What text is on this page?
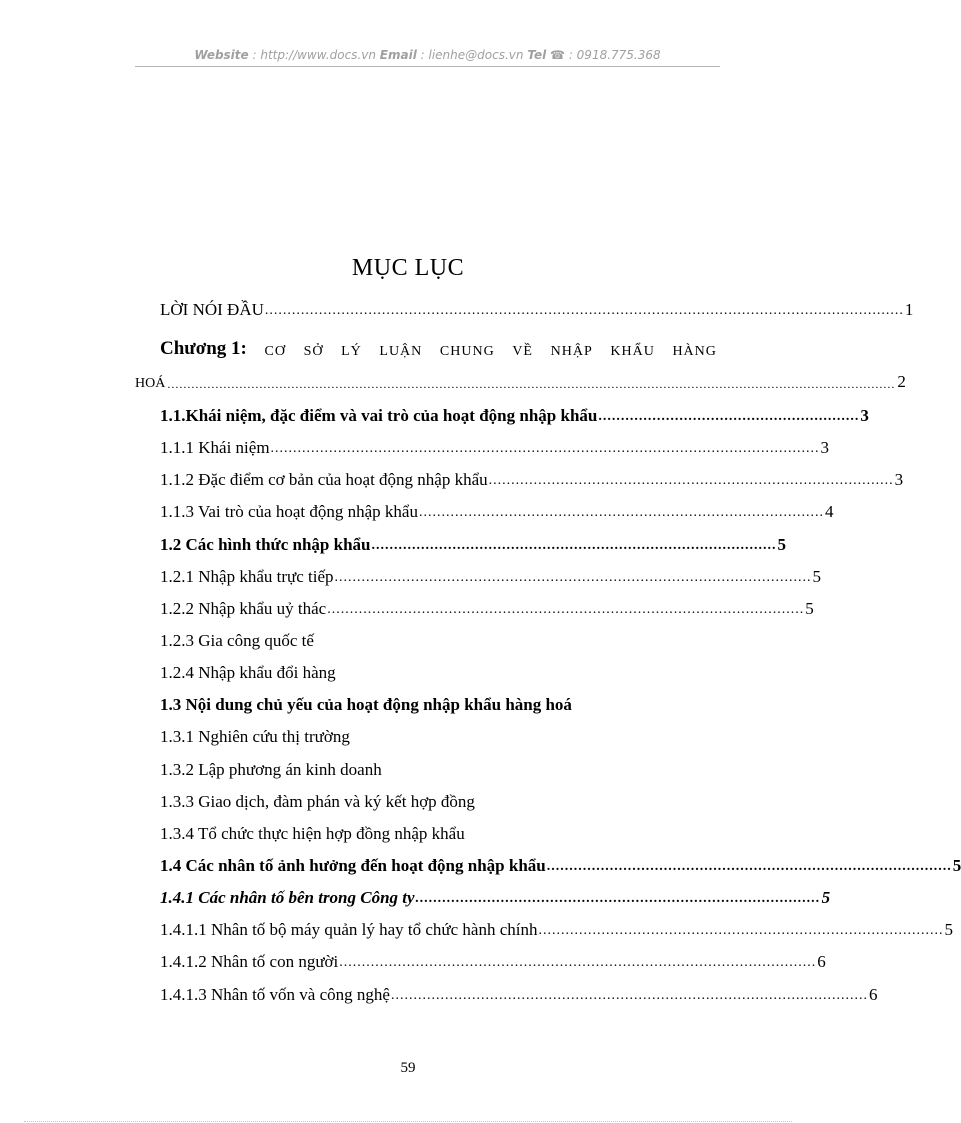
Website : http://www.docs.vn Email : lienhe@docs.vn Tel ☎ : 0918.775.368
MỤC LỤC
LỜI NÓI ĐẦU .............................................................................................................................................. 1
Chương 1: CƠ SỞ LÝ LUẬN CHUNG VỀ NHẬP KHẨU HÀNG
HOÁ ...................................................................................................................................................................................... 2
1.1.Khái niệm, đặc điểm và vai trò của hoạt động nhập khẩu .......................................................... 3
1.1.1 Khái niệm .......................................................................................................................... 3
1.1.2 Đặc điểm cơ bản của hoạt động nhập khẩu .......................................................................................... 3
1.1.3 Vai trò của hoạt động nhập khẩu .......................................................................................... 4
1.2 Các hình thức nhập khẩu .......................................................................................... 5
1.2.1 Nhập khẩu trực tiếp .......................................................................................................... 5
1.2.2 Nhập khẩu uỷ thác .......................................................................................................... 5
1.2.3 Gia công quốc tế
1.2.4 Nhập khẩu đổi hàng
1.3 Nội dung chủ yếu của hoạt động nhập khẩu hàng hoá
1.3.1 Nghiên cứu thị trường
1.3.2 Lập phương án kinh doanh
1.3.3 Giao dịch, đàm phán và ký kết hợp đồng
1.3.4 Tổ chức thực hiện hợp đồng nhập khẩu
1.4 Các nhân tố ảnh hưởng đến hoạt động nhập khẩu .......................................................................................... 5
1.4.1 Các nhân tố bên trong Công ty .......................................................................................... 5
1.4.1.1 Nhân tố bộ máy quản lý hay tổ chức hành chính .......................................................................................... 5
1.4.1.2 Nhân tố con người .......................................................................................................... 6
1.4.1.3 Nhân tố vốn và công nghệ .......................................................................................................... 6
59
